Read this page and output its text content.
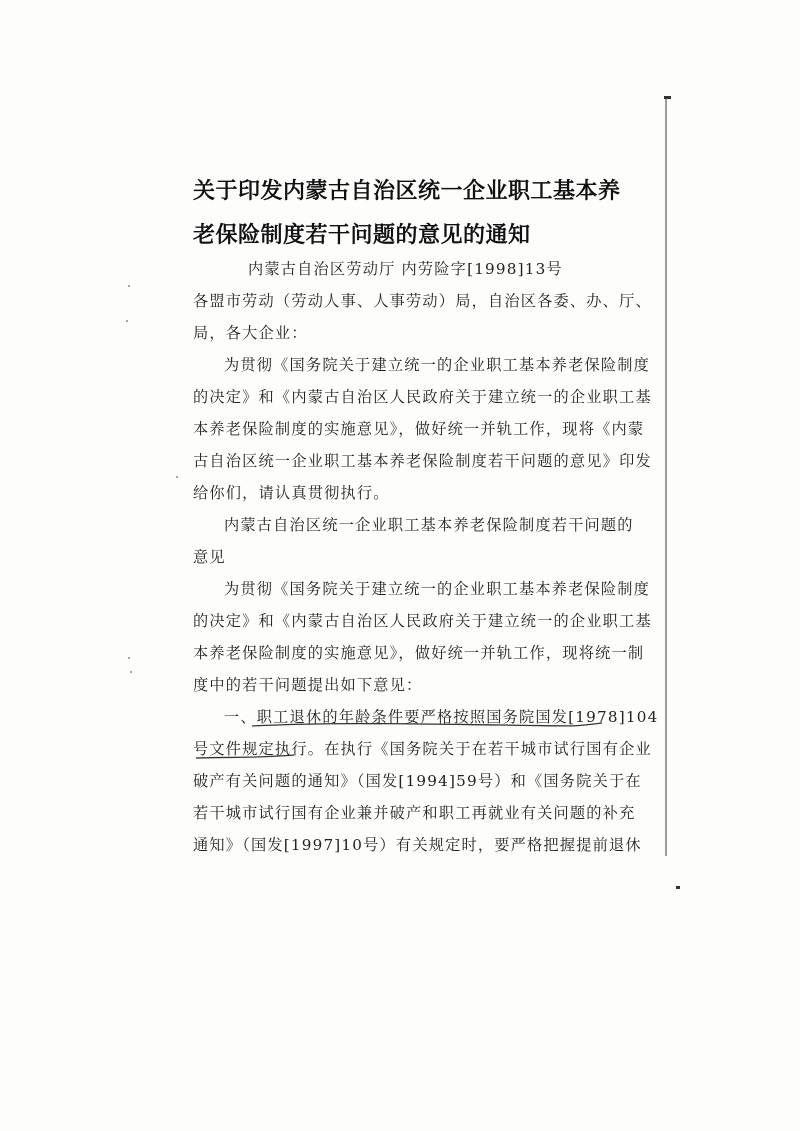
关于印发内蒙古自治区统一企业职工基本养
老保险制度若干问题的意见的通知
内蒙古自治区劳动厅 内劳险字[1998]13号
各盟市劳动（劳动人事、人事劳动）局，自治区各委、办、厅、
局，各大企业：
为贯彻《国务院关于建立统一的企业职工基本养老保险制度
的决定》和《内蒙古自治区人民政府关于建立统一的企业职工基
本养老保险制度的实施意见》，做好统一并轨工作，现将《内蒙
古自治区统一企业职工基本养老保险制度若干问题的意见》印发
给你们，请认真贯彻执行。
内蒙古自治区统一企业职工基本养老保险制度若干问题的
意见
为贯彻《国务院关于建立统一的企业职工基本养老保险制度
的决定》和《内蒙古自治区人民政府关于建立统一的企业职工基
本养老保险制度的实施意见》，做好统一并轨工作，现将统一制
度中的若干问题提出如下意见：
一、职工退休的年龄条件要严格按照国务院国发[1978]104
号文件规定执行。在执行《国务院关于在若干城市试行国有企业
破产有关问题的通知》（国发[1994]59号）和《国务院关于在
若干城市试行国有企业兼并破产和职工再就业有关问题的补充
通知》（国发[1997]10号）有关规定时，要严格把握提前退休
